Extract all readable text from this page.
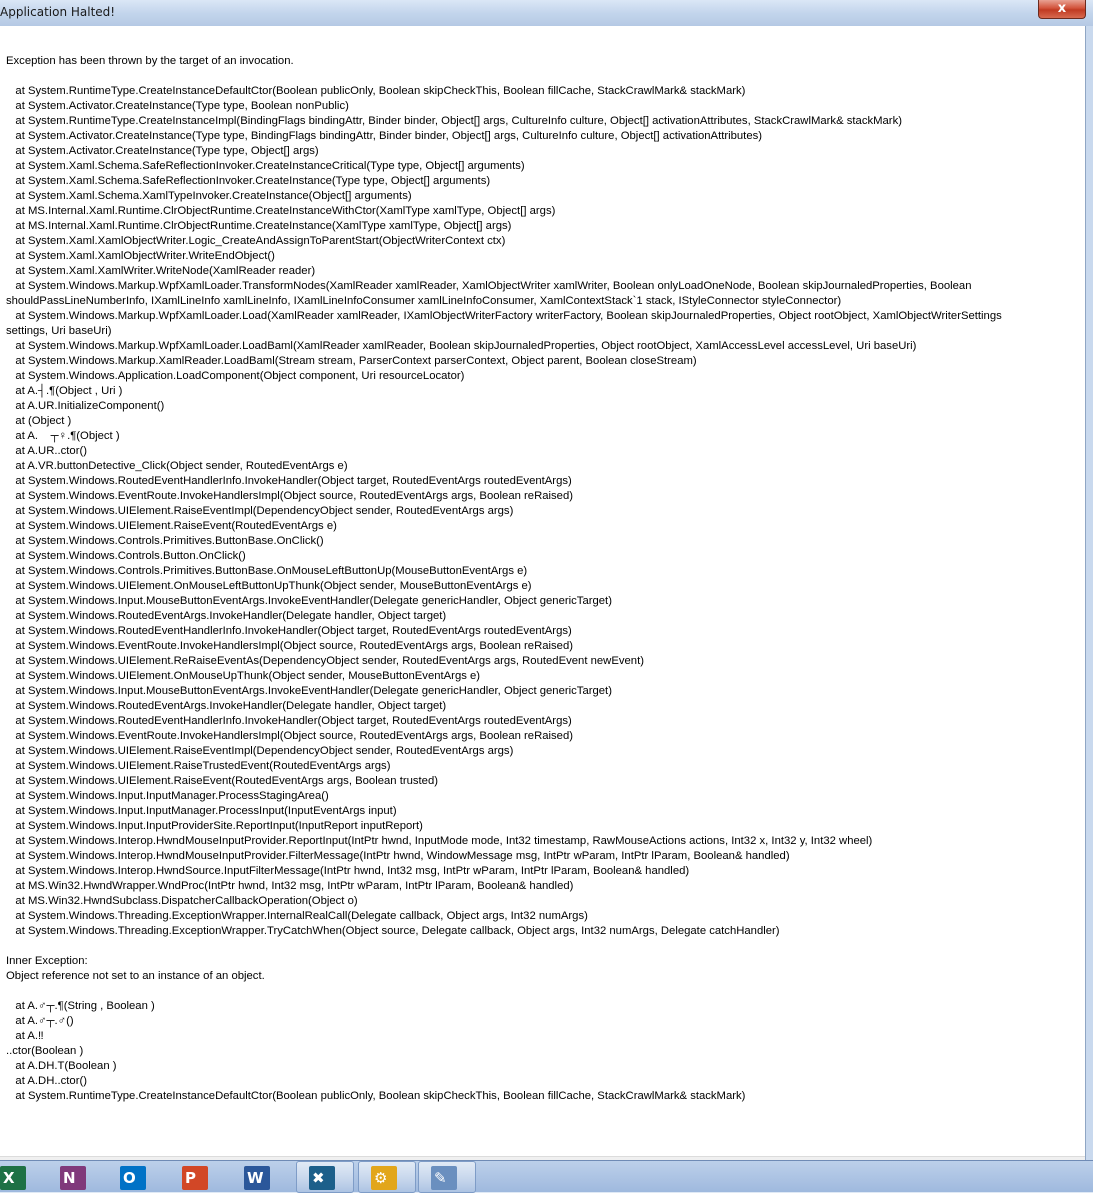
Application Halted!	x
Exception has been thrown by the target of an invocation.
at System.RuntimeType.CreateInstanceDefaultCtor(Boolean publicOnly, Boolean skipCheckThis, Boolean fillCache, StackCrawlMark& stackMark)
at System.Activator.CreateInstance(Type type, Boolean nonPublic)
at System.RuntimeType.CreateInstanceImpl(BindingFlags bindingAttr, Binder binder, Object[] args, CultureInfo culture, Object[] activationAttributes, StackCrawlMark& stackMark)
at System.Activator.CreateInstance(Type type, BindingFlags bindingAttr, Binder binder, Object[] args, CultureInfo culture, Object[] activationAttributes)
at System.Activator.CreateInstance(Type type, Object[] args)
at System.Xaml.Schema.SafeReflectionInvoker.CreateInstanceCritical(Type type, Object[] arguments)
at System.Xaml.Schema.SafeReflectionInvoker.CreateInstance(Type type, Object[] arguments)
at System.Xaml.Schema.XamlTypeInvoker.CreateInstance(Object[] arguments)
at MS.Internal.Xaml.Runtime.ClrObjectRuntime.CreateInstanceWithCtor(XamlType xamlType, Object[] args)
at MS.Internal.Xaml.Runtime.ClrObjectRuntime.CreateInstance(XamlType xamlType, Object[] args)
at System.Xaml.XamlObjectWriter.Logic_CreateAndAssignToParentStart(ObjectWriterContext ctx)
at System.Xaml.XamlObjectWriter.WriteEndObject()
at System.Xaml.XamlWriter.WriteNode(XamlReader reader)
at System.Windows.Markup.WpfXamlLoader.TransformNodes(XamlReader xamlReader, XamlObjectWriter xamlWriter, Boolean onlyLoadOneNode, Boolean skipJournaledProperties, Boolean
shouldPassLineNumberInfo, IXamlLineInfo xamlLineInfo, IXamlLineInfoConsumer xamlLineInfoConsumer, XamlContextStack`1 stack, IStyleConnector styleConnector)
at System.Windows.Markup.WpfXamlLoader.Load(XamlReader xamlReader, IXamlObjectWriterFactory writerFactory, Boolean skipJournaledProperties, Object rootObject, XamlObjectWriterSettings
settings, Uri baseUri)
at System.Windows.Markup.WpfXamlLoader.LoadBaml(XamlReader xamlReader, Boolean skipJournaledProperties, Object rootObject, XamlAccessLevel accessLevel, Uri baseUri)
at System.Windows.Markup.XamlReader.LoadBaml(Stream stream, ParserContext parserContext, Object parent, Boolean closeStream)
at System.Windows.Application.LoadComponent(Object component, Uri resourceLocator)
at A.┤.¶(Object , Uri )
at A.UR.InitializeComponent()
at (Object )
at A.    ┬♀.¶(Object )
at A.UR..ctor()
at A.VR.buttonDetective_Click(Object sender, RoutedEventArgs e)
at System.Windows.RoutedEventHandlerInfo.InvokeHandler(Object target, RoutedEventArgs routedEventArgs)
at System.Windows.EventRoute.InvokeHandlersImpl(Object source, RoutedEventArgs args, Boolean reRaised)
at System.Windows.UIElement.RaiseEventImpl(DependencyObject sender, RoutedEventArgs args)
at System.Windows.UIElement.RaiseEvent(RoutedEventArgs e)
at System.Windows.Controls.Primitives.ButtonBase.OnClick()
at System.Windows.Controls.Button.OnClick()
at System.Windows.Controls.Primitives.ButtonBase.OnMouseLeftButtonUp(MouseButtonEventArgs e)
at System.Windows.UIElement.OnMouseLeftButtonUpThunk(Object sender, MouseButtonEventArgs e)
at System.Windows.Input.MouseButtonEventArgs.InvokeEventHandler(Delegate genericHandler, Object genericTarget)
at System.Windows.RoutedEventArgs.InvokeHandler(Delegate handler, Object target)
at System.Windows.RoutedEventHandlerInfo.InvokeHandler(Object target, RoutedEventArgs routedEventArgs)
at System.Windows.EventRoute.InvokeHandlersImpl(Object source, RoutedEventArgs args, Boolean reRaised)
at System.Windows.UIElement.ReRaiseEventAs(DependencyObject sender, RoutedEventArgs args, RoutedEvent newEvent)
at System.Windows.UIElement.OnMouseUpThunk(Object sender, MouseButtonEventArgs e)
at System.Windows.Input.MouseButtonEventArgs.InvokeEventHandler(Delegate genericHandler, Object genericTarget)
at System.Windows.RoutedEventArgs.InvokeHandler(Delegate handler, Object target)
at System.Windows.RoutedEventHandlerInfo.InvokeHandler(Object target, RoutedEventArgs routedEventArgs)
at System.Windows.EventRoute.InvokeHandlersImpl(Object source, RoutedEventArgs args, Boolean reRaised)
at System.Windows.UIElement.RaiseEventImpl(DependencyObject sender, RoutedEventArgs args)
at System.Windows.UIElement.RaiseTrustedEvent(RoutedEventArgs args)
at System.Windows.UIElement.RaiseEvent(RoutedEventArgs args, Boolean trusted)
at System.Windows.Input.InputManager.ProcessStagingArea()
at System.Windows.Input.InputManager.ProcessInput(InputEventArgs input)
at System.Windows.Input.InputProviderSite.ReportInput(InputReport inputReport)
at System.Windows.Interop.HwndMouseInputProvider.ReportInput(IntPtr hwnd, InputMode mode, Int32 timestamp, RawMouseActions actions, Int32 x, Int32 y, Int32 wheel)
at System.Windows.Interop.HwndMouseInputProvider.FilterMessage(IntPtr hwnd, WindowMessage msg, IntPtr wParam, IntPtr lParam, Boolean& handled)
at System.Windows.Interop.HwndSource.InputFilterMessage(IntPtr hwnd, Int32 msg, IntPtr wParam, IntPtr lParam, Boolean& handled)
at MS.Win32.HwndWrapper.WndProc(IntPtr hwnd, Int32 msg, IntPtr wParam, IntPtr lParam, Boolean& handled)
at MS.Win32.HwndSubclass.DispatcherCallbackOperation(Object o)
at System.Windows.Threading.ExceptionWrapper.InternalRealCall(Delegate callback, Object args, Int32 numArgs)
at System.Windows.Threading.ExceptionWrapper.TryCatchWhen(Object source, Delegate callback, Object args, Int32 numArgs, Delegate catchHandler)
Inner Exception:
Object reference not set to an instance of an object.
at A.♂┬.¶(String , Boolean )
at A.♂┬.♂()
at A.‼
..ctor(Boolean )
at A.DH.T(Boolean )
at A.DH..ctor()
at System.RuntimeType.CreateInstanceDefaultCtor(Boolean publicOnly, Boolean skipCheckThis, Boolean fillCache, StackCrawlMark& stackMark)
X	N	O	P	W	✖	⚙	✎
